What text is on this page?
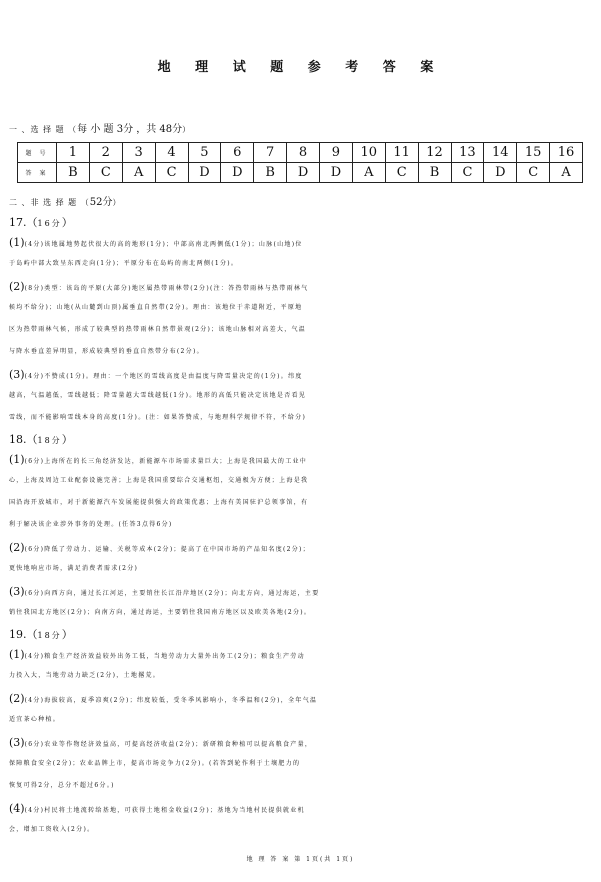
地 理 试 题 参 考 答 案
一 、选 择 题 （每 小 题 3分 ，共 48分）
题 号	1	2	3	4	5	6	7	8	9	10	11	12	13	14	15	16
答 案	B	C	A	C	D	D	B	D	D	A	C	B	C	D	C	A
二 、非 选 择 题 （52分）
17.（16分）
(1)(4分)该地属地势起伏很大的高的地形(1分)；中部高南北两侧低(1分)；山脉(山地)位
于岛屿中部大致呈东西走向(1分)；平原分布在岛屿的南北两侧(1分)。
(2)(8分)类型：该岛的平原(大部分)地区属热带雨林带(2分)(注：答热带雨林与热带雨林气
候均不给分)；山地(从山麓到山顶)属垂直自然带(2分)。理由：该地位于赤道附近，平原地
区为热带雨林气候，形成了较典型的热带雨林自然带景观(2分)；该地山脉相对高差大，气温
与降水垂直差异明显，形成较典型的垂直自然带分布(2分)。
(3)(4分)不赞成(1分)。理由：一个地区的雪线高度是由温度与降雪量决定的(1分)。纬度
越高，气温越低，雪线越低；降雪量越大雪线越低(1分)。地形的高低只能决定该地是否看见
雪线，而不能影响雪线本身的高度(1分)。(注：如果答赞成，与地理科学规律不符，不给分)
18.（18分）
(1)(6分)上海所在的长三角经济发达，新能源车市场需求量巨大；上海是我国最大的工业中
心，上海及周边工业配套设施完善；上海是我国重要综合交通枢纽，交通极为方便；上海是我
国沿海开放城市，对于新能源汽车发展能提供强大的政策优惠；上海有美国驻沪总领事馆，有
利于解决该企业涉外事务的处理。(任答3点得6分)
(2)(6分)降低了劳动力、运输、关税等成本(2分)；提高了在中国市场的产品知名度(2分)；
更快地响应市场，满足消费者需求(2分)
(3)(6分)向西方向，通过长江河运，主要销往长江沿岸地区(2分)；向北方向，通过海运，主要
销往我国北方地区(2分)；向南方向，通过海运，主要销往我国南方地区以及欧美各地(2分)。
19.（18分）
(1)(4分)粮食生产经济效益较外出务工低，当地劳动力大量外出务工(2分)；粮食生产劳动
力投入大，当地劳动力缺乏(2分)，土地撂荒。
(2)(4分)海拔较高，夏季凉爽(2分)；纬度较低，受冬季风影响小，冬季温和(2分)，全年气温
适宜茶心种植。
(3)(6分)农业等作物经济效益高，可提高经济收益(2分)；新研粮食种植可以提高粮食产量，
保障粮食安全(2分)；农业品牌上市，提高市场竞争力(2分)。(若答到轮作利于土壤肥力的
恢复可得2分，总分不超过6分。)
(4)(4分)村民将土地流转给基地，可获得土地租金收益(2分)；基地为当地村民提供就业机
会，增加工资收入(2分)。
地 理 答 案 第 1页(共 1页)
